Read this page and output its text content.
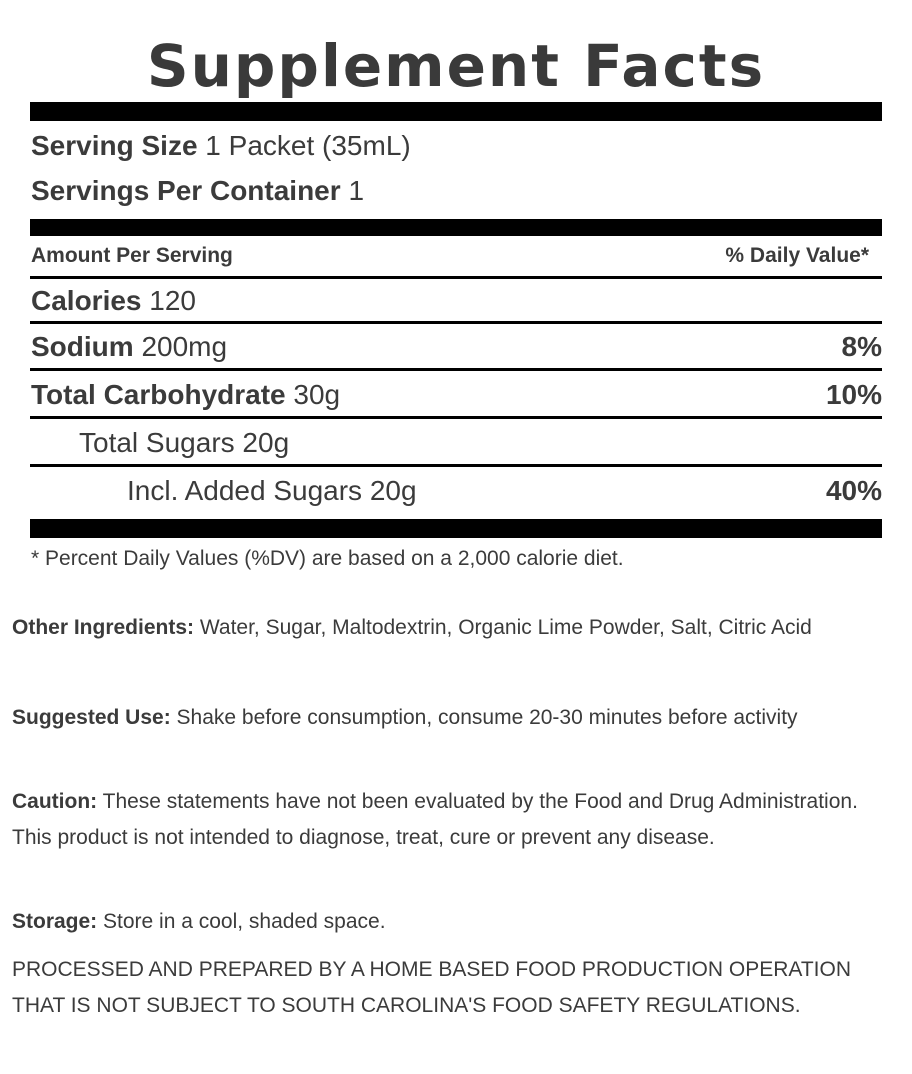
Supplement Facts
Serving Size 1 Packet (35mL)
Servings Per Container 1
Amount Per Serving	% Daily Value*
Calories 120
Sodium 200mg	8%
Total Carbohydrate 30g	10%
Total Sugars 20g
Incl. Added Sugars 20g	40%
* Percent Daily Values (%DV) are based on a 2,000 calorie diet.
Other Ingredients: Water, Sugar, Maltodextrin, Organic Lime Powder, Salt, Citric Acid
Suggested Use: Shake before consumption, consume 20-30 minutes before activity
Caution: These statements have not been evaluated by the Food and Drug Administration. This product is not intended to diagnose, treat, cure or prevent any disease.
Storage: Store in a cool, shaded space.
PROCESSED AND PREPARED BY A HOME BASED FOOD PRODUCTION OPERATION THAT IS NOT SUBJECT TO SOUTH CAROLINA'S FOOD SAFETY REGULATIONS.
